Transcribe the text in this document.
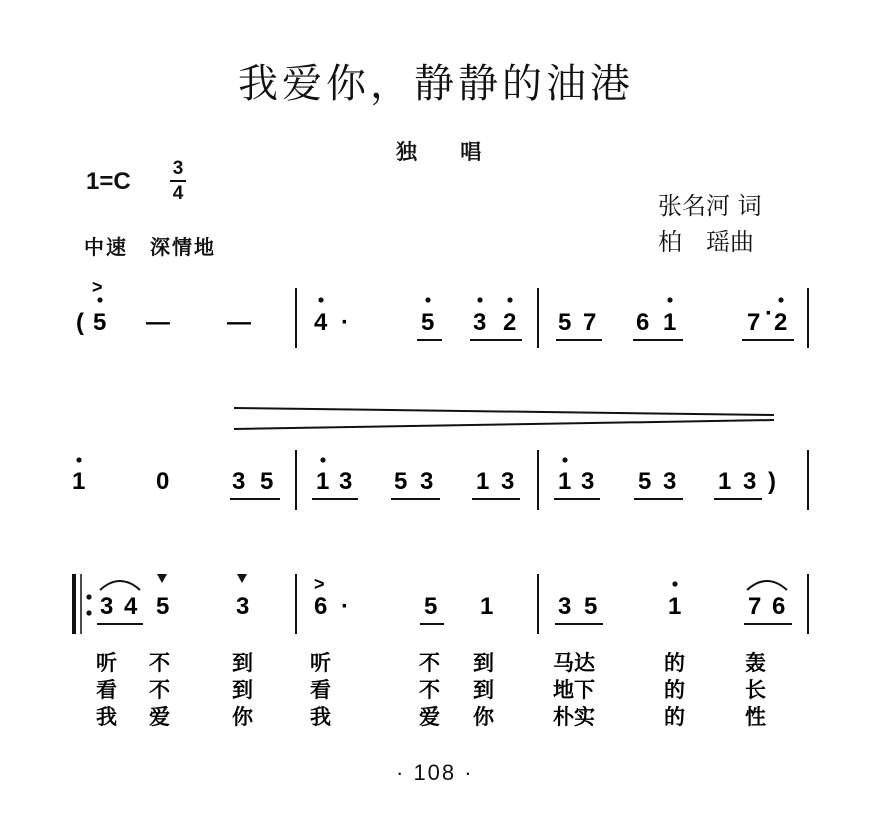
我爱你，静静的油港
独 唱
1=C 3
4
中速　深情地
张名河 词
柏　瑶曲
( 5
>
— —	4 ·	5 3 2 5 7 6 1	7 · 2
1	0	3 5 1 3 5 3 1 3 1 3 5 3 1 3 )
3 4 5	3
>
6 ·	5 1	3 5	1	7 6
听 不	到	听	不 到	马达	的	轰
看 不	到	看	不 到	地下	的	长
我 爱	你	我	爱 你	朴实	的	性
· 108 ·
